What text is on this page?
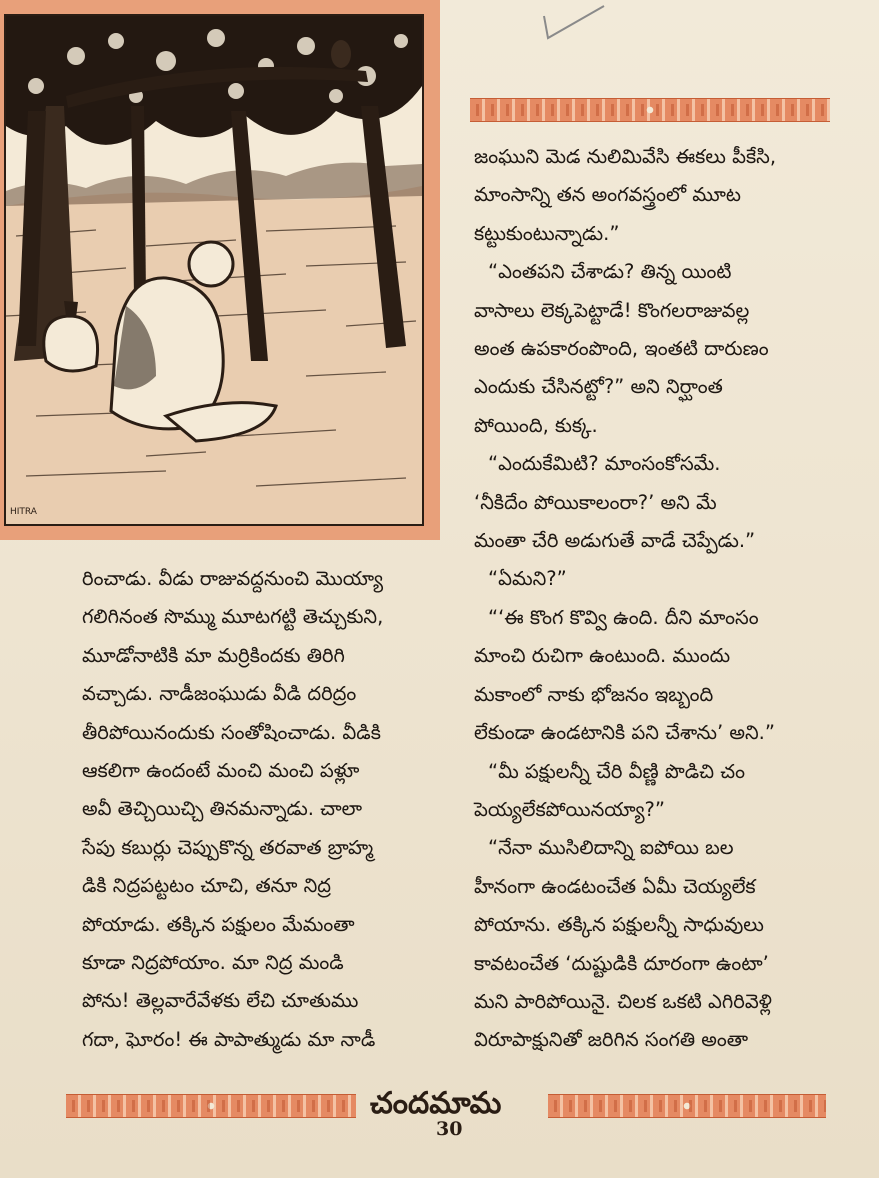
HITRA

జంఘుని మెడ నులిమివేసి ఈకలు పీకేసి,

మాంసాన్ని తన అంగవస్త్రంలో మూట

కట్టుకుంటున్నాడు.”

“ఎంతపని చేశాడు? తిన్న యింటి

వాసాలు లెక్కపెట్టాడే! కొంగలరాజువల్ల

అంత ఉపకారంపొంది, ఇంతటి దారుణం

ఎందుకు చేసినట్టో?” అని నిర్ఘాంత

పోయింది, కుక్క.

“ఎందుకేమిటి? మాంసంకోసమే.

‘నీకిదేం పోయికాలంరా?’ అని మే

మంతా చేరి అడుగుతే వాడే చెప్పేడు.”

“ఏమని?”

“‘ఈ కొంగ కొవ్వి ఉంది. దీని మాంసం

మాంచి రుచిగా ఉంటుంది. ముందు

మకాంలో నాకు భోజనం ఇబ్బంది

లేకుండా ఉండటానికి పని చేశాను’ అని.”

“మీ పక్షులన్నీ చేరి వీణ్ణి పొడిచి చం

పెయ్యలేకపోయినయ్యా?”

“నేనా ముసిలిదాన్ని ఐపోయి బల

హీనంగా ఉండటంచేత ఏమీ చెయ్యలేక

పోయాను. తక్కిన పక్షులన్నీ సాధువులు

కావటంచేత ‘దుష్టుడికి దూరంగా ఉంటా’

మని పారిపోయినై. చిలక ఒకటి ఎగిరివెళ్లి

విరూపాక్షునితో జరిగిన సంగతి అంతా

రించాడు. వీడు రాజువద్దనుంచి మొయ్యా

గలిగినంత సొమ్ము మూటగట్టి తెచ్చుకుని,

మూడోనాటికి మా మర్రికిందకు తిరిగి

వచ్చాడు. నాడీజంఘుడు వీడి దరిద్రం

తీరిపోయినందుకు సంతోషించాడు. వీడికి

ఆకలిగా ఉందంటే మంచి మంచి పళ్లూ

అవీ తెచ్చియిచ్చి తినమన్నాడు. చాలా

సేపు కబుర్లు చెప్పుకొన్న తరవాత బ్రాహ్మ

డికి నిద్రపట్టటం చూచి, తనూ నిద్ర

పోయాడు. తక్కిన పక్షులం మేమంతా

కూడా నిద్రపోయాం. మా నిద్ర మండి

పోను! తెల్లవారేవేళకు లేచి చూతుము

గదా, ఘోరం! ఈ పాపాత్ముడు మా నాడీ

చందమామ
30
